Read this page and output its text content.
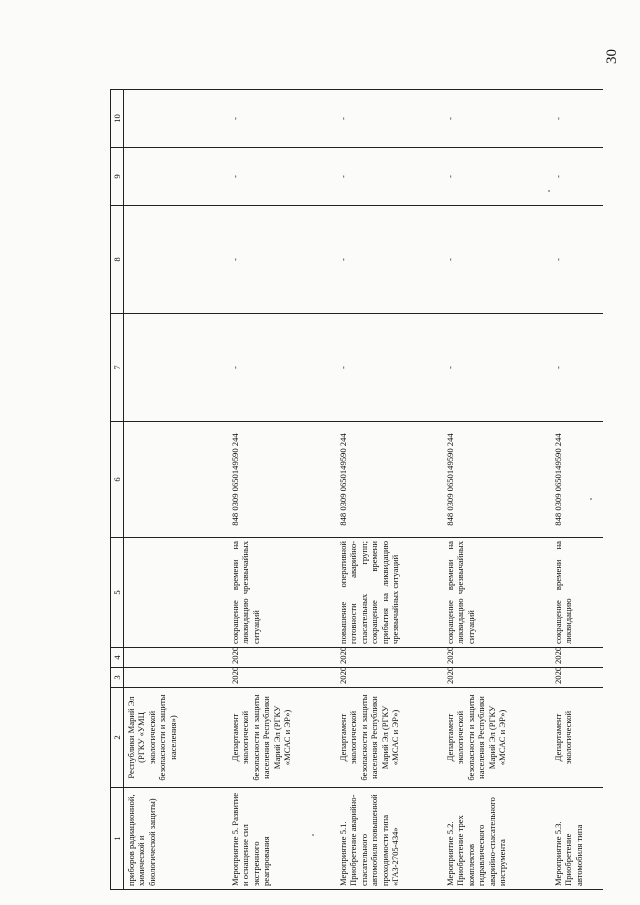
30
1	2	3	4	5	6	7	8	9	10
приборов радиационной, химической и биологической защиты)	Республики Марий Эл (РГКУ «УМЦ экологической безопасности и защиты населения»)								
Мероприятие 5. Развитие и оснащение сил экстренного реагирования	Департамент экологической безопасности и защиты населения Республики Марий Эл (РГКУ «МСАС и ЭР»)	2020	2020	сокращение времени на ликвидацию чрезвычайных ситуаций	848 0309 0650149590 244	-	-	-	-
Мероприятие 5.1. Приобретение аварийно-спасательного автомобиля повышенной проходимости типа «ГАЗ-2705-434»	Департамент экологической безопасности и защиты населения Республики Марий Эл (РГКУ «МСАС и ЭР»)	2020	2020	повышение оперативной готовности аварийно-спасательных групп; сокращение времени прибытия на ликвидацию чрезвычайных ситуаций	848 0309 0650149590 244	-	-	-	-
Мероприятие 5.2. Приобретение трех комплектов гидравлического аварийно-спасательного инструмента	Департамент экологической безопасности и защиты населения Республики Марий Эл (РГКУ «МСАС и ЭР»)	2020	2020	сокращение времени на ликвидацию чрезвычайных ситуаций	848 0309 0650149590 244	-	-	-	-
Мероприятие 5.3. Приобретение автомобиля типа	Департамент экологической	2020	2020	сокращение времени на ликвидацию	848 0309 0650149590 244	-	-	-	-
